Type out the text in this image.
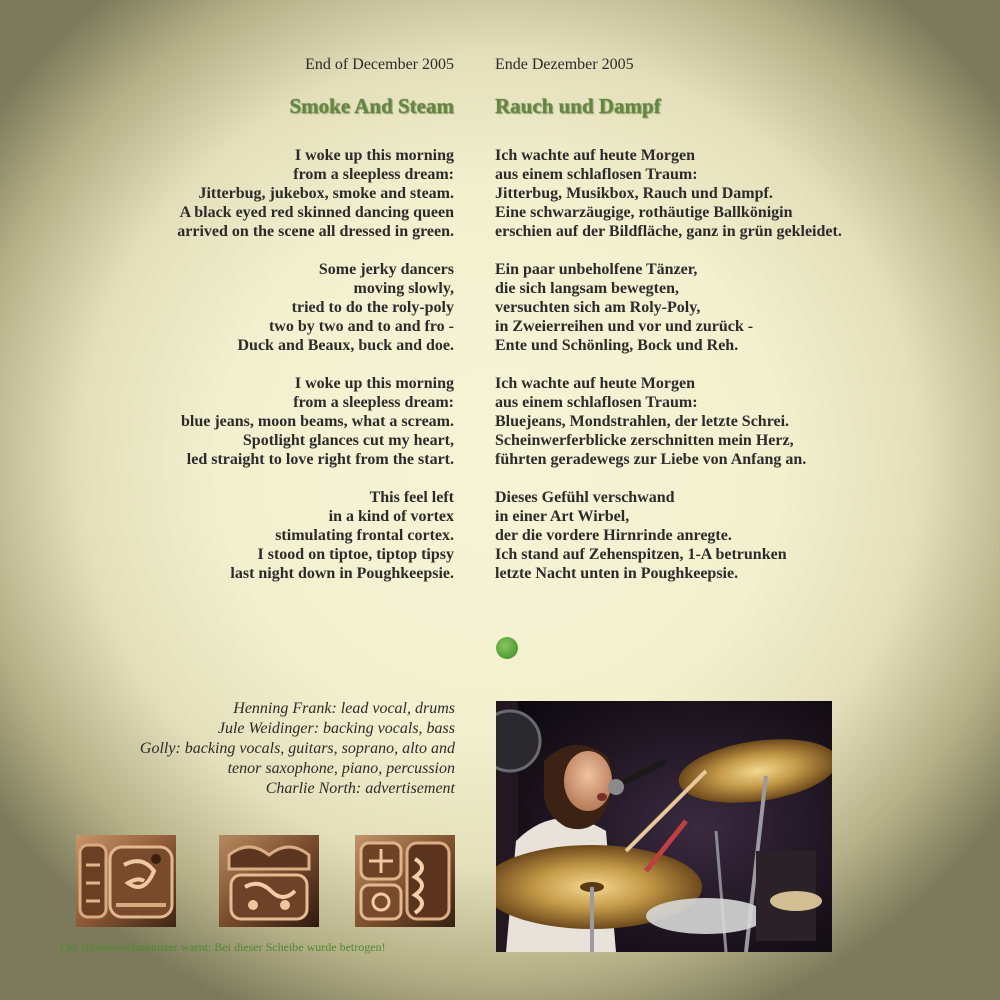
End of December 2005	Ende Dezember 2005
Smoke And Steam Rauch und Dampf
I woke up this morning
from a sleepless dream:
Jitterbug, jukebox, smoke and steam.
A black eyed red skinned dancing queen
arrived on the scene all dressed in green.
Some jerky dancers
moving slowly,
tried to do the roly-poly
two by two and to and fro -
Duck and Beaux, buck and doe.
I woke up this morning
from a sleepless dream:
blue jeans, moon beams, what a scream.
Spotlight glances cut my heart,
led straight to love right from the start.
This feel left
in a kind of vortex
stimulating frontal cortex.
I stood on tiptoe, tiptop tipsy
last night down in Poughkeepsie.
Ich wachte auf heute Morgen
aus einem schlaflosen Traum:
Jitterbug, Musikbox, Rauch und Dampf.
Eine schwarzäugige, rothäutige Ballkönigin
erschien auf der Bildfläche, ganz in grün gekleidet.
Ein paar unbeholfene Tänzer,
die sich langsam bewegten,
versuchten sich am Roly-Poly,
in Zweierreihen und vor und zurück -
Ente und Schönling, Bock und Reh.
Ich wachte auf heute Morgen
aus einem schlaflosen Traum:
Bluejeans, Mondstrahlen, der letzte Schrei.
Scheinwerferblicke zerschnitten mein Herz,
führten geradewegs zur Liebe von Anfang an.
Dieses Gefühl verschwand
in einer Art Wirbel,
der die vordere Hirnrinde anregte.
Ich stand auf Zehenspitzen, 1-A betrunken
letzte Nacht unten in Poughkeepsie.
Henning Frank: lead vocal, drums
Jule Weidinger: backing vocals, bass
Golly: backing vocals, guitars, soprano, alto and
tenor saxophone, piano, percussion
Charlie North: advertisement
Der Bundesrockminister warnt: Bei dieser Scheibe wurde betrogen!
